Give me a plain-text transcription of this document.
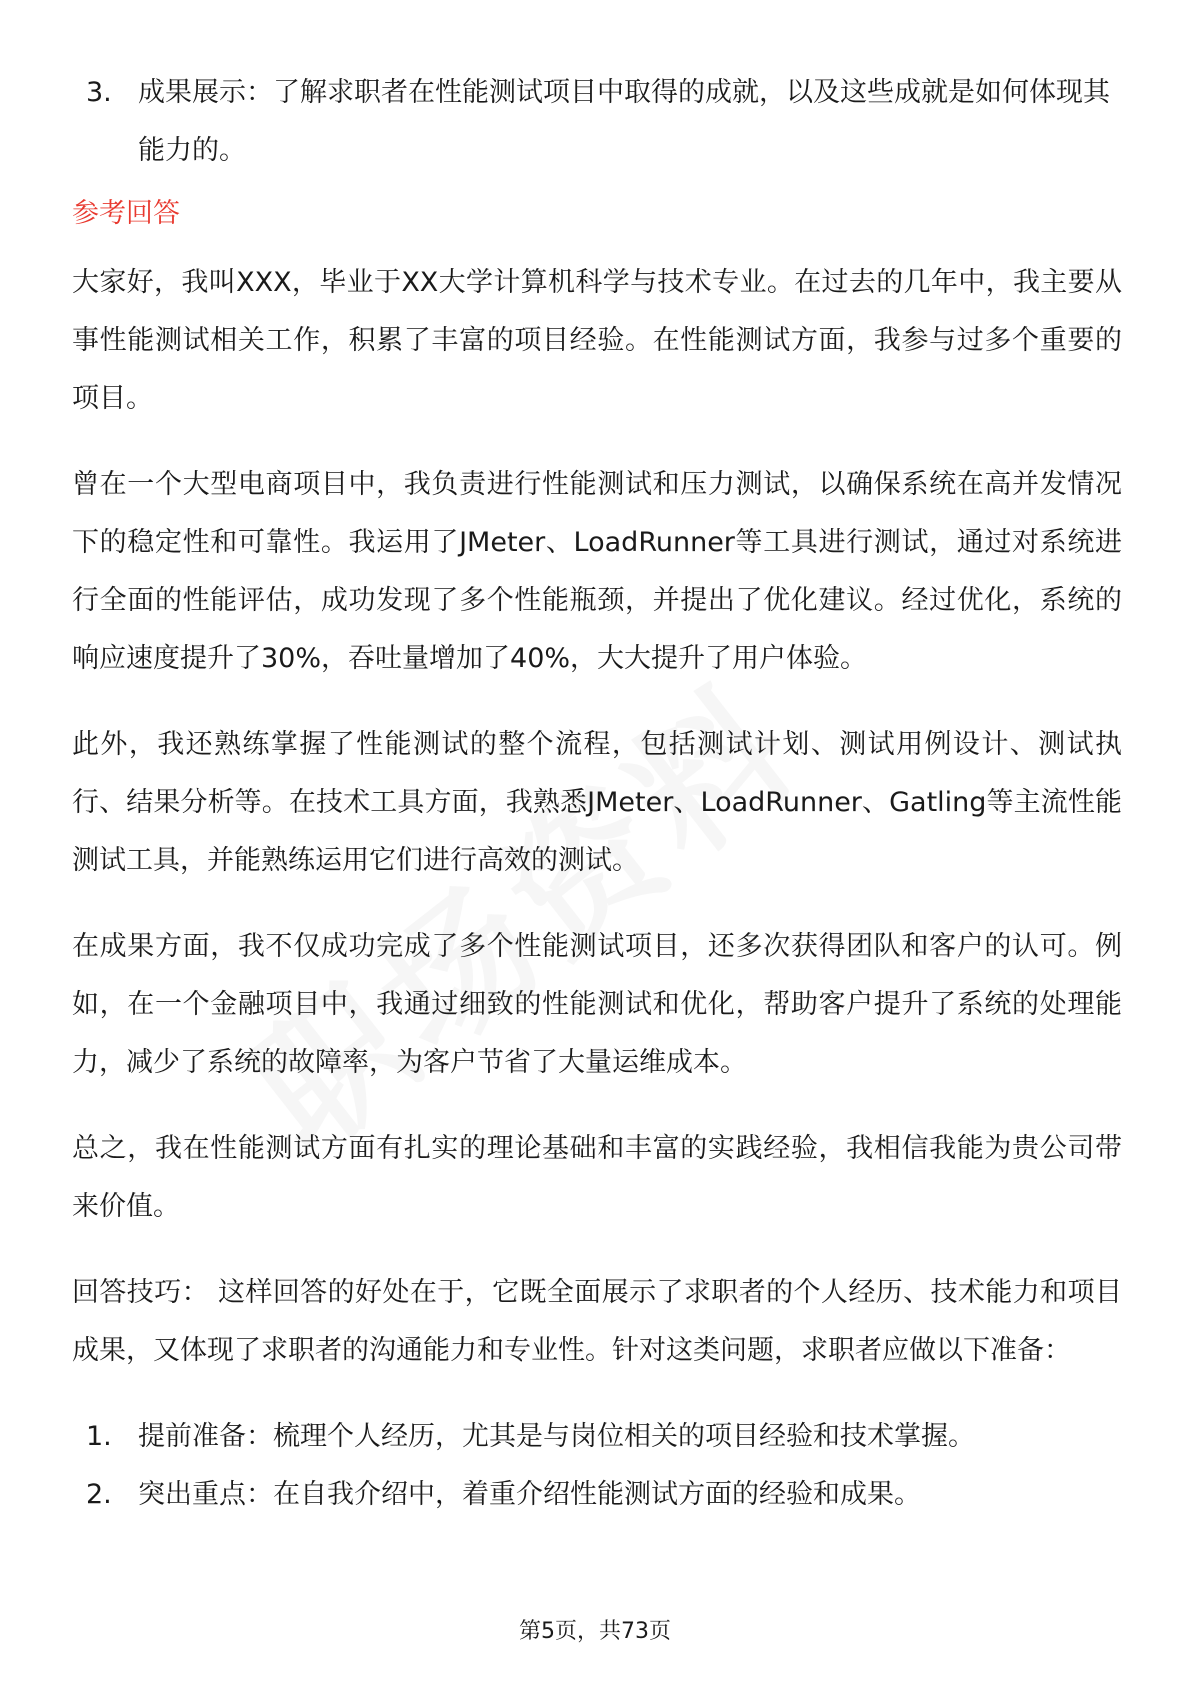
3. 成果展示：了解求职者在性能测试项目中取得的成就，以及这些成就是如何体现其能力的。
参考回答

大家好，我叫XXX，毕业于XX大学计算机科学与技术专业。在过去的几年中，我主要从事性能测试相关工作，积累了丰富的项目经验。在性能测试方面，我参与过多个重要的项目。

曾在一个大型电商项目中，我负责进行性能测试和压力测试，以确保系统在高并发情况下的稳定性和可靠性。我运用了JMeter、LoadRunner等工具进行测试，通过对系统进行全面的性能评估，成功发现了多个性能瓶颈，并提出了优化建议。经过优化，系统的响应速度提升了30%，吞吐量增加了40%，大大提升了用户体验。

此外，我还熟练掌握了性能测试的整个流程，包括测试计划、测试用例设计、测试执行、结果分析等。在技术工具方面，我熟悉JMeter、LoadRunner、Gatling等主流性能测试工具，并能熟练运用它们进行高效的测试。

在成果方面，我不仅成功完成了多个性能测试项目，还多次获得团队和客户的认可。例如，在一个金融项目中，我通过细致的性能测试和优化，帮助客户提升了系统的处理能力，减少了系统的故障率，为客户节省了大量运维成本。

总之，我在性能测试方面有扎实的理论基础和丰富的实践经验，我相信我能为贵公司带来价值。

回答技巧： 这样回答的好处在于，它既全面展示了求职者的个人经历、技术能力和项目成果，又体现了求职者的沟通能力和专业性。针对这类问题，求职者应做以下准备：

1. 提前准备：梳理个人经历，尤其是与岗位相关的项目经验和技术掌握。
2. 突出重点：在自我介绍中，着重介绍性能测试方面的经验和成果。
第5页，共73页
